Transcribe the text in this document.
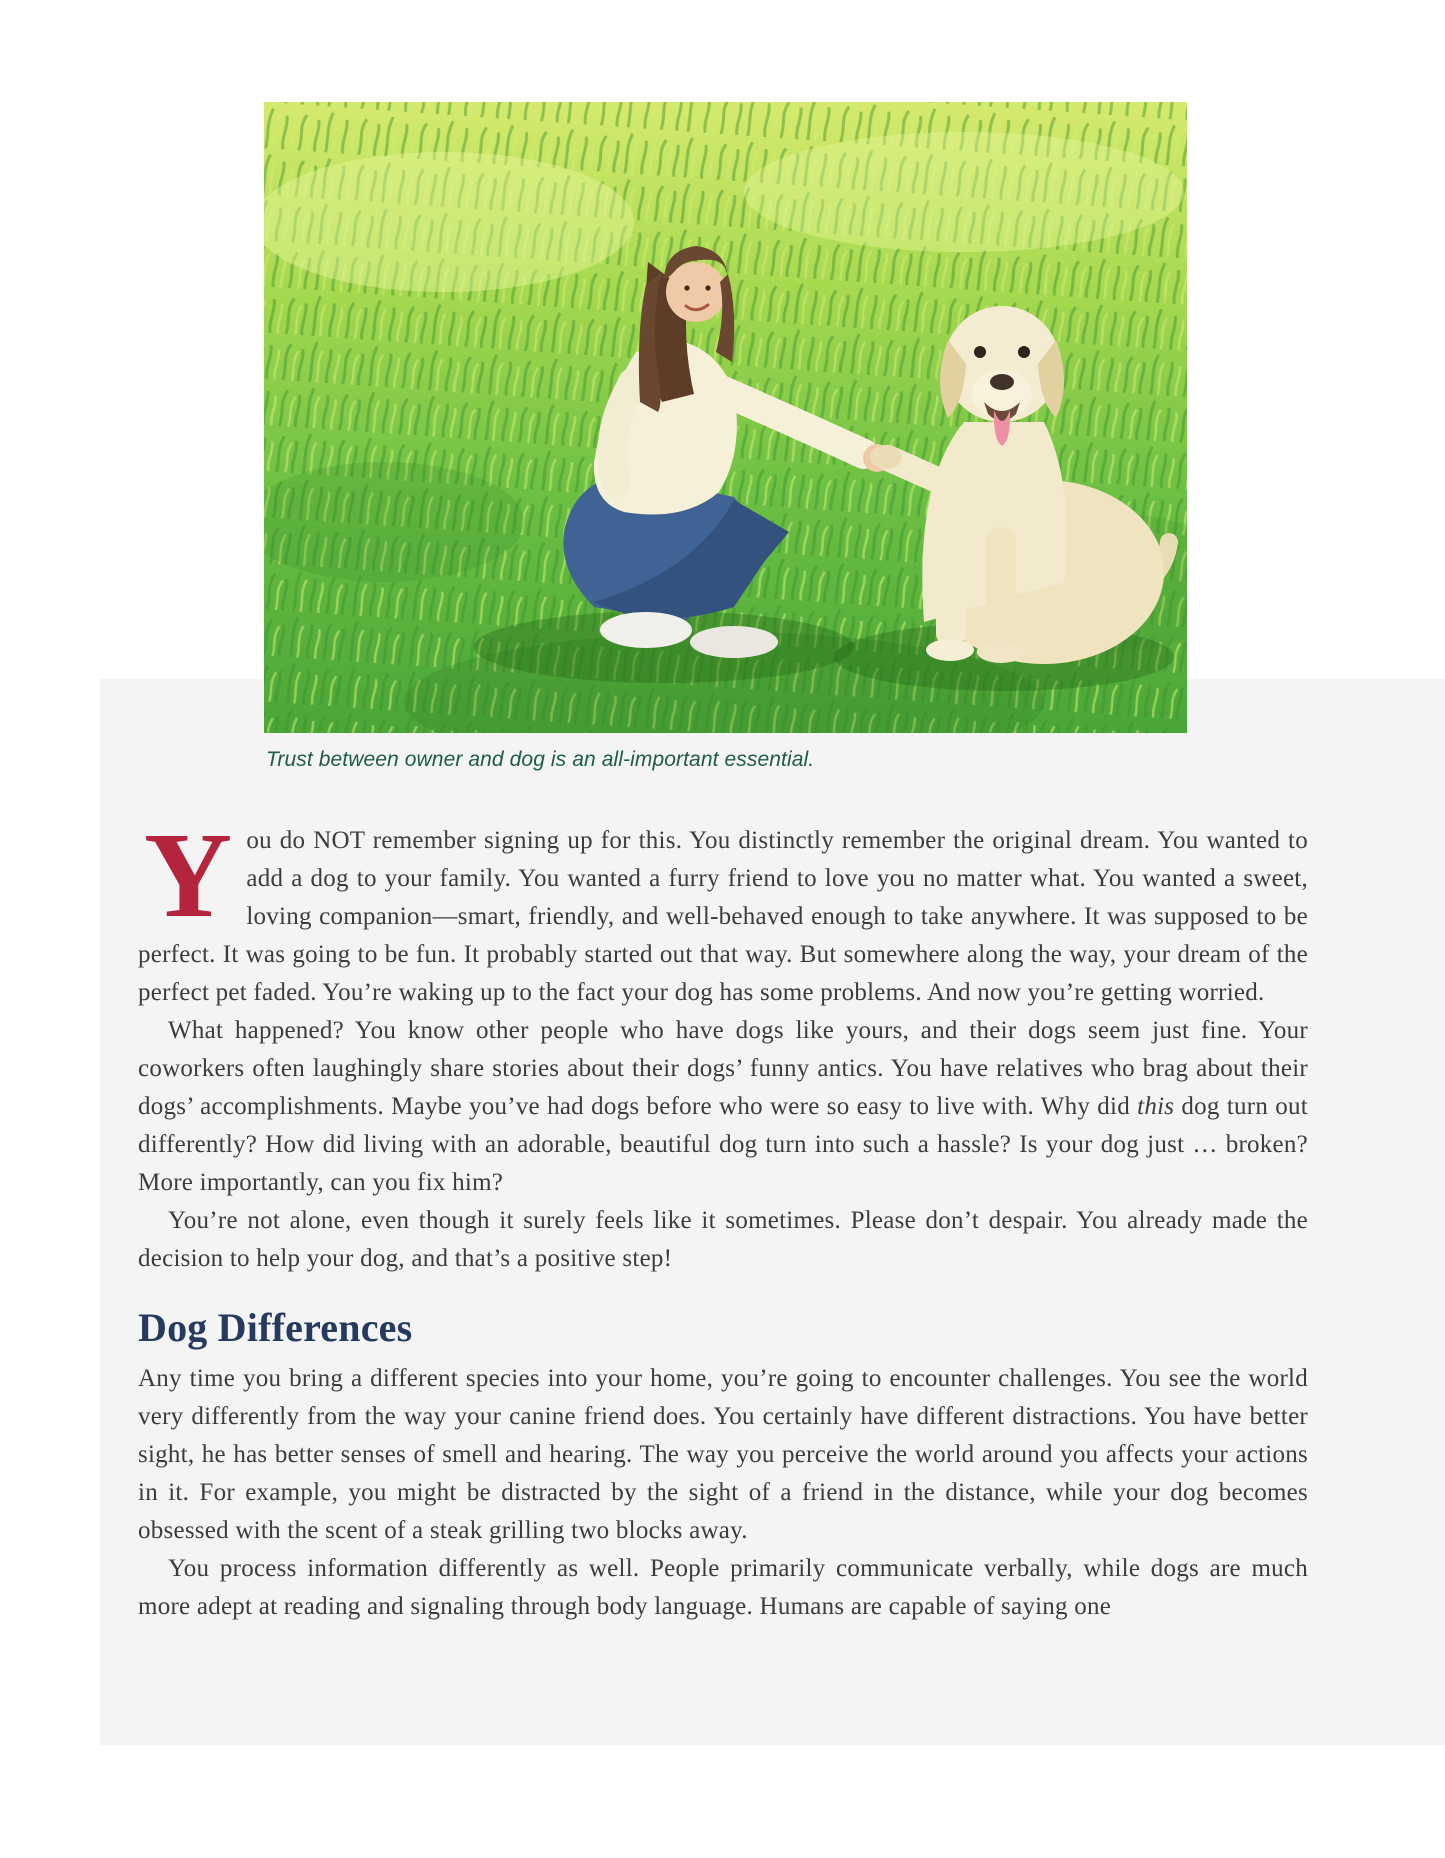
Trust between owner and dog is an all-important essential.

You do NOT remember signing up for this. You distinctly remember the original dream. You wanted to add a dog to your family. You wanted a furry friend to love you no matter what. You wanted a sweet, loving companion—smart, friendly, and well-behaved enough to take anywhere. It was supposed to be perfect. It was going to be fun. It probably started out that way. But somewhere along the way, your dream of the perfect pet faded. You’re waking up to the fact your dog has some problems. And now you’re getting worried.

What happened? You know other people who have dogs like yours, and their dogs seem just fine. Your coworkers often laughingly share stories about their dogs’ funny antics. You have relatives who brag about their dogs’ accomplishments. Maybe you’ve had dogs before who were so easy to live with. Why did this dog turn out differently? How did living with an adorable, beautiful dog turn into such a hassle? Is your dog just … broken? More importantly, can you fix him?

You’re not alone, even though it surely feels like it sometimes. Please don’t despair. You already made the decision to help your dog, and that’s a positive step!

Dog Differences

Any time you bring a different species into your home, you’re going to encounter challenges. You see the world very differently from the way your canine friend does. You certainly have different distractions. You have better sight, he has better senses of smell and hearing. The way you perceive the world around you affects your actions in it. For example, you might be distracted by the sight of a friend in the distance, while your dog becomes obsessed with the scent of a steak grilling two blocks away.

You process information differently as well. People primarily communicate verbally, while dogs are much more adept at reading and signaling through body language. Humans are capable of saying one
